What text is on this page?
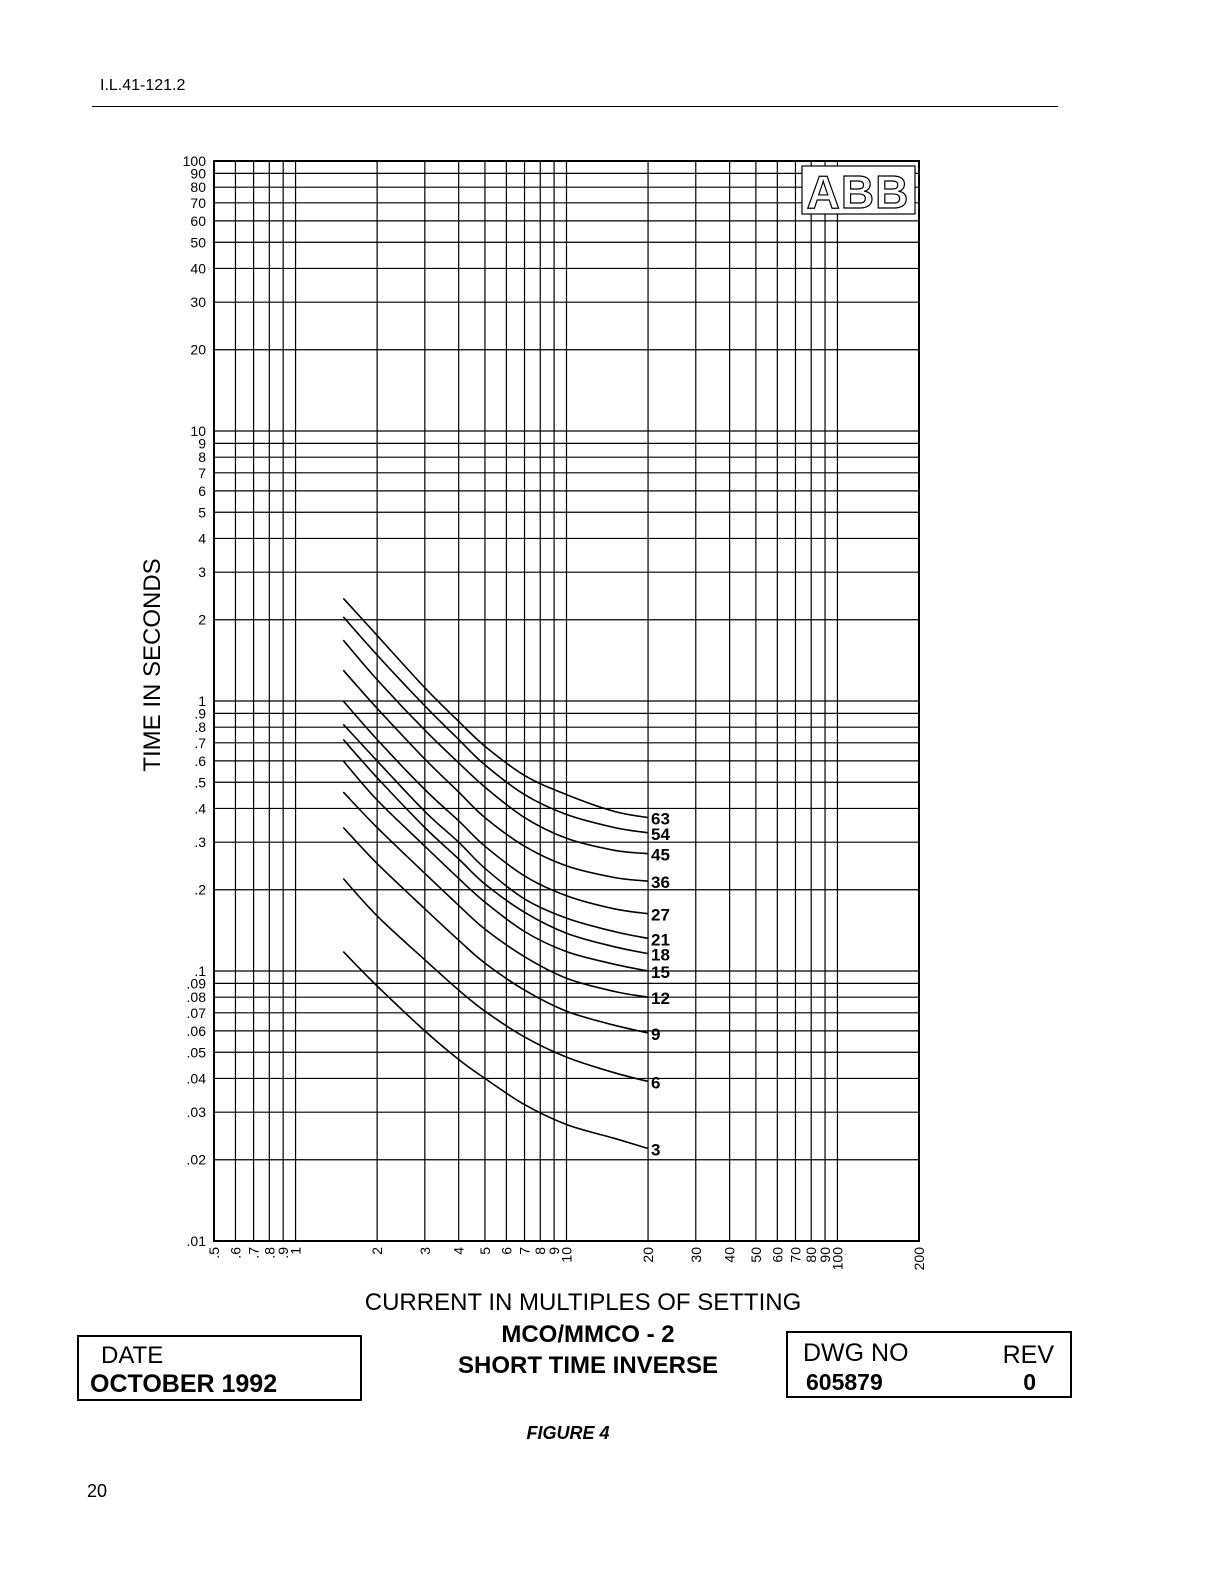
I.L.41-121.2
.5 .6 .7 .8
.9
1	2 3 4 5 6 7 8
9
10	20 30 40 50 60 70 80
90
100	200
.01
.02
.03
.04
.05
.06
.07
.08
.09
.1
.2
.3
.4
.5
.6
.7
.8
.9
1
2
3
4
5
6
7
8
9
10
20
30
40
50
60
70
80
90
100
63
54
45
36
27
21
18
15
12
9
6
3
ABB
TIME IN SECONDS
CURRENT IN MULTIPLES OF SETTING
MCO/MMCO - 2
SHORT TIME INVERSE
DATE
OCTOBER 1992
DWG NO
605879
REV
0
FIGURE 4
20
